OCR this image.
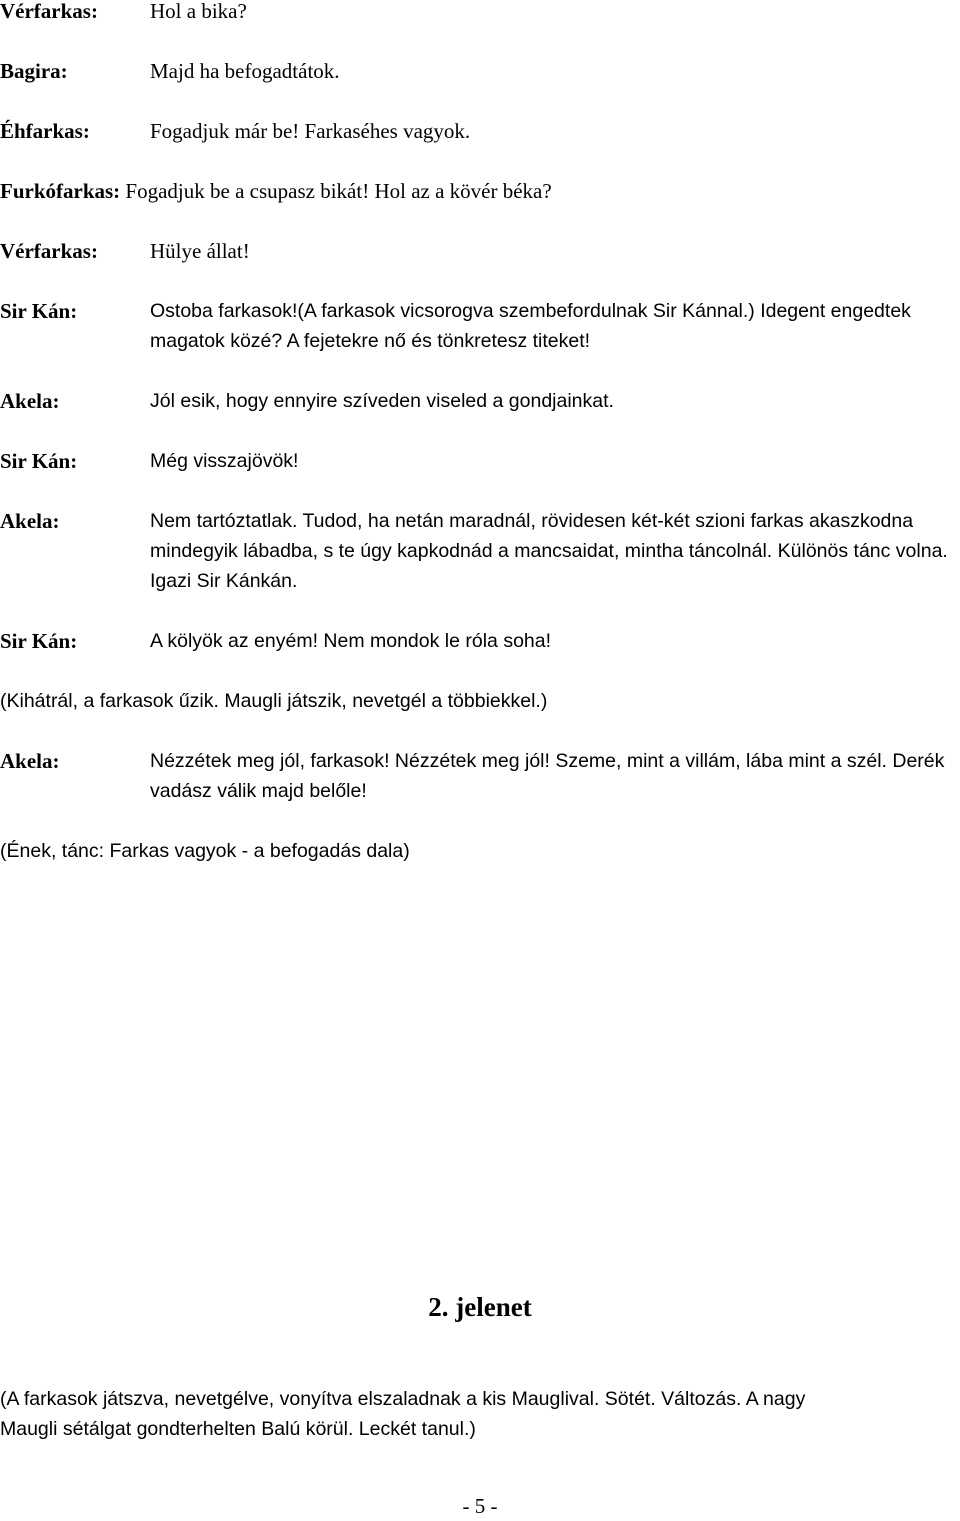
Vérfarkas: Hol a bika?
Bagira:	Majd ha befogadtátok.
Éhfarkas:	Fogadjuk már be! Farkaséhes vagyok.
Furkófarkas: Fogadjuk be a csupasz bikát! Hol az a kövér béka?
Vérfarkas: Hülye állat!
Sir Kán:	Ostoba farkasok!(A farkasok vicsorogva szembefordulnak Sir Kánnal.) Idegent engedtek magatok közé? A fejetekre nő és tönkretesz titeket!
Akela:	Jól esik, hogy ennyire szíveden viseled a gondjainkat.
Sir Kán:	Még visszajövök!
Akela:	Nem tartóztatlak. Tudod, ha netán maradnál, rövidesen két-két szioni farkas akaszkodna mindegyik lábadba, s te úgy kapkodnád a mancsaidat, mintha táncolnál. Különös tánc volna. Igazi Sir Kánkán.
Sir Kán:	A kölyök az enyém! Nem mondok le róla soha!
(Kihátrál, a farkasok űzik. Maugli játszik, nevetgél a többiekkel.)
Akela:	Nézzétek meg jól, farkasok! Nézzétek meg jól! Szeme, mint a villám, lába mint a szél. Derék vadász válik majd belőle!
(Ének, tánc: Farkas vagyok - a befogadás dala)
2. jelenet
(A farkasok játszva, nevetgélve, vonyítva elszaladnak a kis Mauglival. Sötét. Változás. A nagy Maugli sétálgat gondterhelten Balú körül. Leckét tanul.)
- 5 -
